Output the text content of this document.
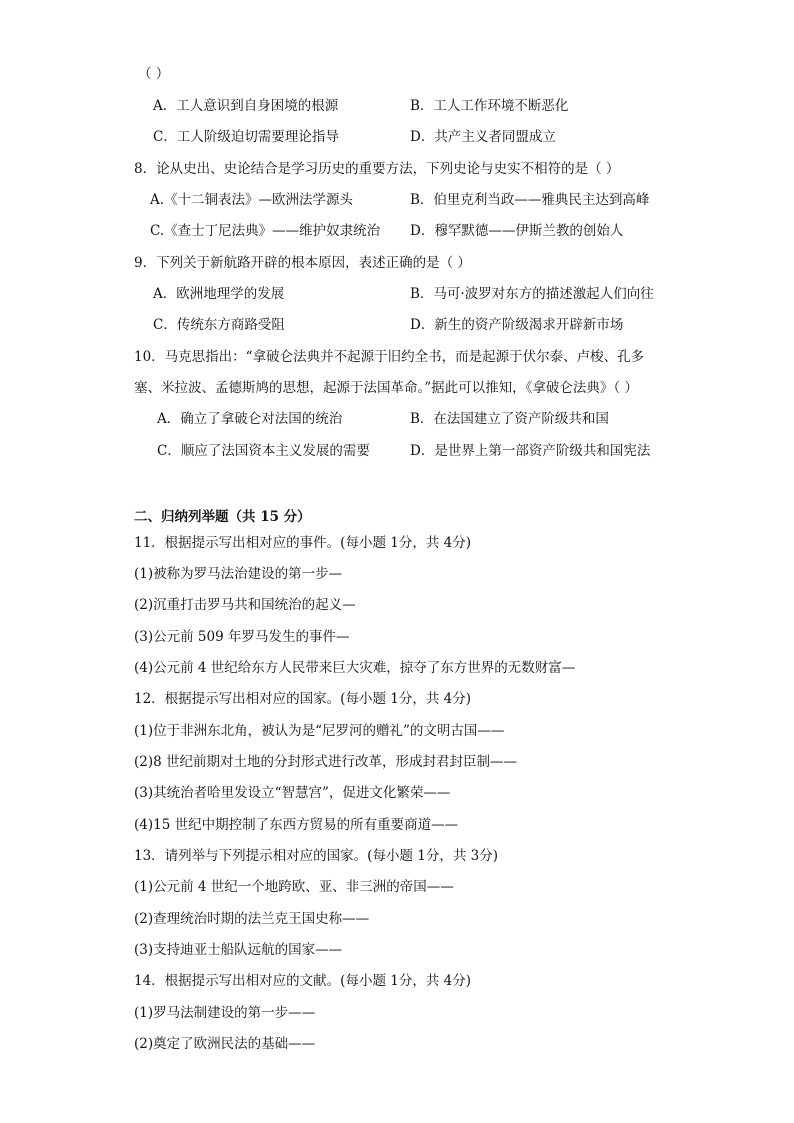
（ ）
A．工人意识到自身困境的根源	B．工人工作环境不断恶化
C．工人阶级迫切需要理论指导	D．共产主义者同盟成立
8．论从史出、史论结合是学习历史的重要方法，下列史论与史实不相符的是（ ）
A.《十二铜表法》—欧洲法学源头	B．伯里克利当政——雅典民主达到高峰
C.《查士丁尼法典》——维护奴隶统治 D．穆罕默德——伊斯兰教的创始人
9．下列关于新航路开辟的根本原因，表述正确的是（ ）
A．欧洲地理学的发展	B．马可·波罗对东方的描述激起人们向往
C．传统东方商路受阻	D．新生的资产阶级渴求开辟新市场
10．马克思指出：“拿破仑法典并不起源于旧约全书，而是起源于伏尔泰、卢梭、孔多
塞、米拉波、孟德斯鸠的思想，起源于法国革命。”据此可以推知，《拿破仑法典》（ ）
A．确立了拿破仑对法国的统治	B．在法国建立了资产阶级共和国
C．顺应了法国资本主义发展的需要	D．是世界上第一部资产阶级共和国宪法
二、归纳列举题（共 15 分）
11．根据提示写出相对应的事件。(每小题 1分，共 4分)
(1)被称为罗马法治建设的第一步—
(2)沉重打击罗马共和国统治的起义—
(3)公元前 509 年罗马发生的事件—
(4)公元前 4 世纪给东方人民带来巨大灾难，掠夺了东方世界的无数财富—
12．根据提示写出相对应的国家。(每小题 1分，共 4分)
(1)位于非洲东北角，被认为是“尼罗河的赠礼”的文明古国——
(2)8 世纪前期对土地的分封形式进行改革，形成封君封臣制——
(3)其统治者哈里发设立“智慧宫”，促进文化繁荣——
(4)15 世纪中期控制了东西方贸易的所有重要商道——
13．请列举与下列提示相对应的国家。(每小题 1分，共 3分)
(1)公元前 4 世纪一个地跨欧、亚、非三洲的帝国——
(2)查理统治时期的法兰克王国史称——
(3)支持迪亚士船队远航的国家——
14．根据提示写出相对应的文献。(每小题 1分，共 4分)
(1)罗马法制建设的第一步——
(2)奠定了欧洲民法的基础——
